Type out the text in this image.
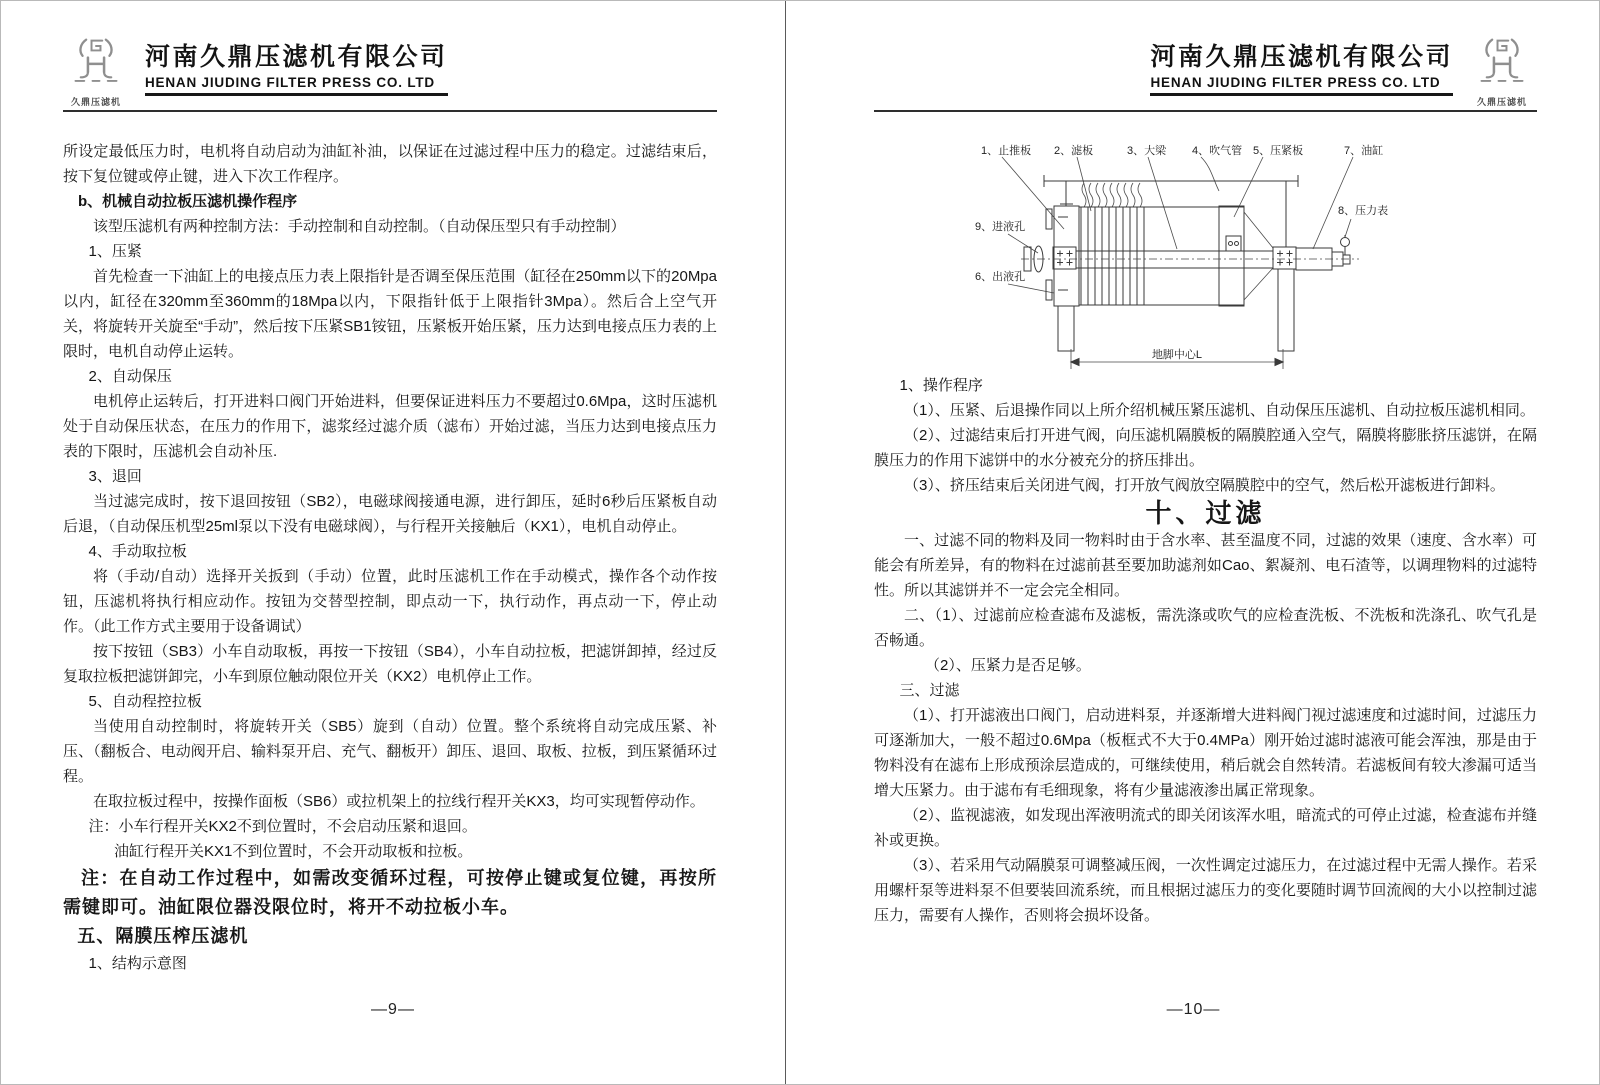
久鼎压滤机
河南久鼎压滤机有限公司
HENAN JIUDING FILTER PRESS CO. LTD

所设定最低压力时，电机将自动启动为油缸补油，以保证在过滤过程中压力的稳定。过滤结束后，按下复位键或停止键，进入下次工作程序。

b、机械自动拉板压滤机操作程序

该型压滤机有两种控制方法：手动控制和自动控制。（自动保压型只有手动控制）

1、压紧

首先检查一下油缸上的电接点压力表上限指针是否调至保压范围（缸径在250mm以下的20Mpa以内，缸径在320mm至360mm的18Mpa以内，下限指针低于上限指针3Mpa）。然后合上空气开关，将旋转开关旋至“手动”，然后按下压紧SB1铵钮，压紧板开始压紧，压力达到电接点压力表的上限时，电机自动停止运转。

2、自动保压

电机停止运转后，打开进料口阀门开始进料，但要保证进料压力不要超过0.6Mpa，这时压滤机处于自动保压状态，在压力的作用下，滤浆经过滤介质（滤布）开始过滤，当压力达到电接点压力表的下限时，压滤机会自动补压.

3、退回

当过滤完成时，按下退回按钮（SB2），电磁球阀接通电源，进行卸压，延时6秒后压紧板自动后退，（自动保压机型25ml泵以下没有电磁球阀），与行程开关接触后（KX1），电机自动停止。

4、手动取拉板

将（手动/自动）选择开关扳到（手动）位置，此时压滤机工作在手动模式，操作各个动作按钮，压滤机将执行相应动作。按钮为交替型控制，即点动一下，执行动作，再点动一下，停止动作。（此工作方式主要用于设备调试）

按下按钮（SB3）小车自动取板，再按一下按钮（SB4），小车自动拉板，把滤饼卸掉，经过反复取拉板把滤饼卸完，小车到原位触动限位开关（KX2）电机停止工作。

5、自动程控拉板

当使用自动控制时，将旋转开关（SB5）旋到（自动）位置。整个系统将自动完成压紧、补压、（翻板合、电动阀开启、输料泵开启、充气、翻板开）卸压、退回、取板、拉板，到压紧循环过程。

在取拉板过程中，按操作面板（SB6）或拉机架上的拉线行程开关KX3，均可实现暂停动作。

注：小车行程开关KX2不到位置时，不会启动压紧和退回。

油缸行程开关KX1不到位置时，不会开动取板和拉板。

注：在自动工作过程中，如需改变循环过程，可按停止键或复位键，再按所需键即可。油缸限位器没限位时，将开不动拉板小车。

五、隔膜压榨压滤机

1、结构示意图

—9—
河南久鼎压滤机有限公司
HENAN JIUDING FILTER PRESS CO. LTD
久鼎压滤机
1、止推板 2、滤板	3、大梁 4、吹气管 5、压紧板	7、油缸
8、压力表
9、进液孔
6、出液孔
地脚中心L

1、操作程序

（1）、压紧、后退操作同以上所介绍机械压紧压滤机、自动保压压滤机、自动拉板压滤机相同。

（2）、过滤结束后打开进气阀，向压滤机隔膜板的隔膜腔通入空气，隔膜将膨胀挤压滤饼，在隔膜压力的作用下滤饼中的水分被充分的挤压排出。

（3）、挤压结束后关闭进气阀，打开放气阀放空隔膜腔中的空气，然后松开滤板进行卸料。

十、过滤

一、过滤不同的物料及同一物料时由于含水率、甚至温度不同，过滤的效果（速度、含水率）可能会有所差异，有的物料在过滤前甚至要加助滤剂如Cao、絮凝剂、电石渣等，以调理物料的过滤特性。所以其滤饼并不一定会完全相同。

二、（1）、过滤前应检查滤布及滤板，需洗涤或吹气的应检查洗板、不洗板和洗涤孔、吹气孔是否畅通。

（2）、压紧力是否足够。

三、过滤

（1）、打开滤液出口阀门，启动进料泵，并逐渐增大进料阀门视过滤速度和过滤时间，过滤压力可逐渐加大，一般不超过0.6Mpa（板框式不大于0.4MPa）刚开始过滤时滤液可能会浑浊，那是由于物料没有在滤布上形成预涂层造成的，可继续使用，稍后就会自然转清。若滤板间有较大渗漏可适当增大压紧力。由于滤布有毛细现象，将有少量滤液渗出属正常现象。

（2）、监视滤液，如发现出浑液明流式的即关闭该浑水咀，暗流式的可停止过滤，检查滤布并缝补或更换。

（3）、若采用气动隔膜泵可调整减压阀，一次性调定过滤压力，在过滤过程中无需人操作。若采用螺杆泵等进料泵不但要装回流系统，而且根据过滤压力的变化要随时调节回流阀的大小以控制过滤压力，需要有人操作，否则将会损坏设备。

—10—
